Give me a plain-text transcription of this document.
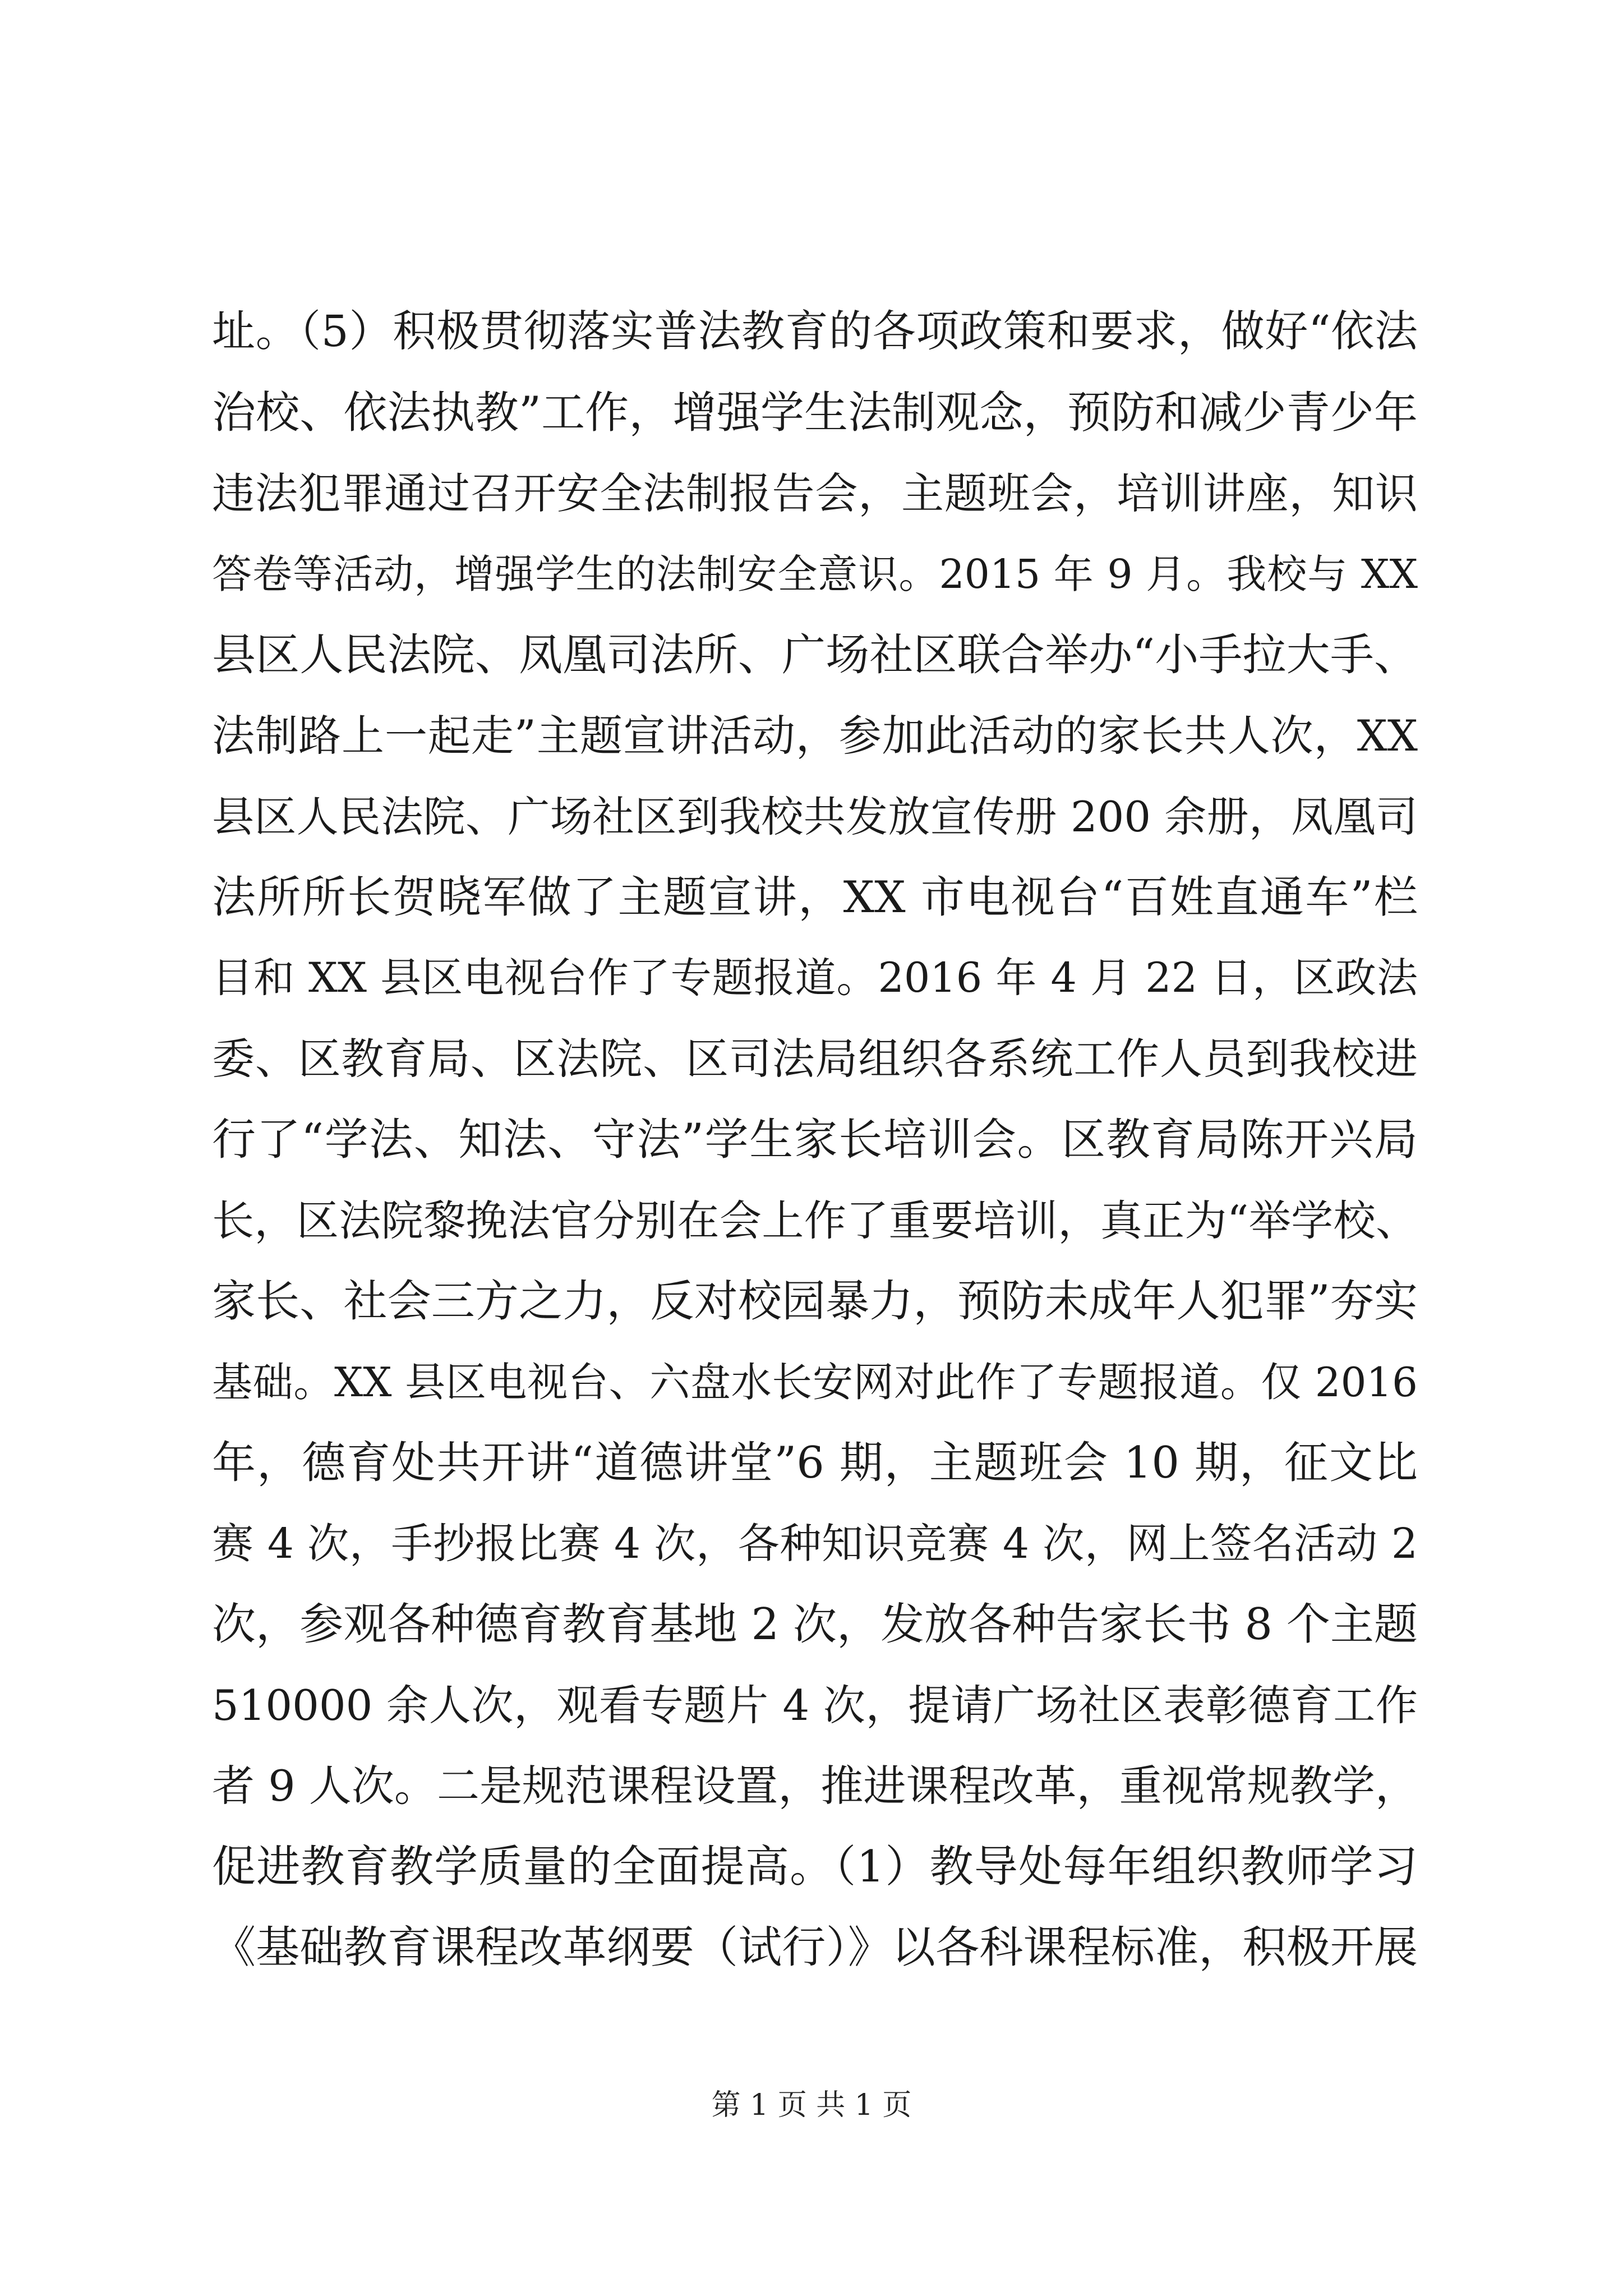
址。（5）积极贯彻落实普法教育的各项政策和要求，做好“依法
治校、依法执教”工作，增强学生法制观念，预防和减少青少年
违法犯罪通过召开安全法制报告会，主题班会，培训讲座，知识
答卷等活动，增强学生的法制安全意识。2015 年 9 月。我校与 XX
县区人民法院、凤凰司法所、广场社区联合举办“小手拉大手、
法制路上一起走”主题宣讲活动，参加此活动的家长共人次，XX
县区人民法院、广场社区到我校共发放宣传册 200 余册，凤凰司
法所所长贺晓军做了主题宣讲，XX 市电视台“百姓直通车”栏
目和 XX 县区电视台作了专题报道。2016 年 4 月 22 日，区政法
委、区教育局、区法院、区司法局组织各系统工作人员到我校进
行了“学法、知法、守法”学生家长培训会。区教育局陈开兴局
长，区法院黎挽法官分别在会上作了重要培训，真正为“举学校、
家长、社会三方之力，反对校园暴力，预防未成年人犯罪”夯实
基础。XX 县区电视台、六盘水长安网对此作了专题报道。仅 2016
年，德育处共开讲“道德讲堂”6 期，主题班会 10 期，征文比
赛 4 次，手抄报比赛 4 次，各种知识竞赛 4 次，网上签名活动 2
次，参观各种德育教育基地 2 次，发放各种告家长书 8 个主题
510000 余人次，观看专题片 4 次，提请广场社区表彰德育工作
者 9 人次。二是规范课程设置，推进课程改革，重视常规教学，
促进教育教学质量的全面提高。（1）教导处每年组织教师学习
《基础教育课程改革纲要（试行）》以各科课程标准，积极开展
第 1 页 共 1 页
